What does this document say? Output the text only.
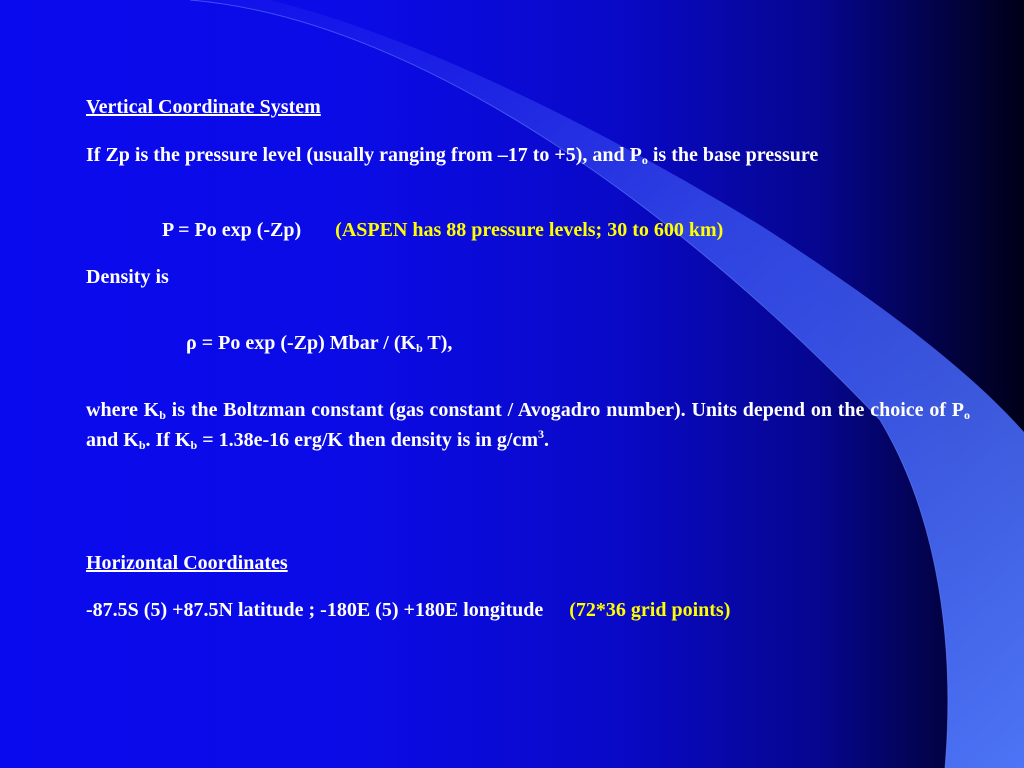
Vertical Coordinate System
If Zp is the pressure level (usually ranging from –17 to +5), and $P_o$ is the base pressure
P = Po exp (-Zp) (ASPEN has 88 pressure levels; 30 to 600 km)
Density is
ρ = Po exp (-Zp) Mbar / ($K_b$ T),
where $K_b$ is the Boltzman constant (gas constant / Avogadro number). Units depend on the choice of $P_o$ and $K_b$. If $K_b = 1.38e-16$ erg/K then density is in $g/cm^3$.
Horizontal Coordinates
-87.5S (5) +87.5N latitude ; -180E (5) +180E longitude (72*36 grid points)
